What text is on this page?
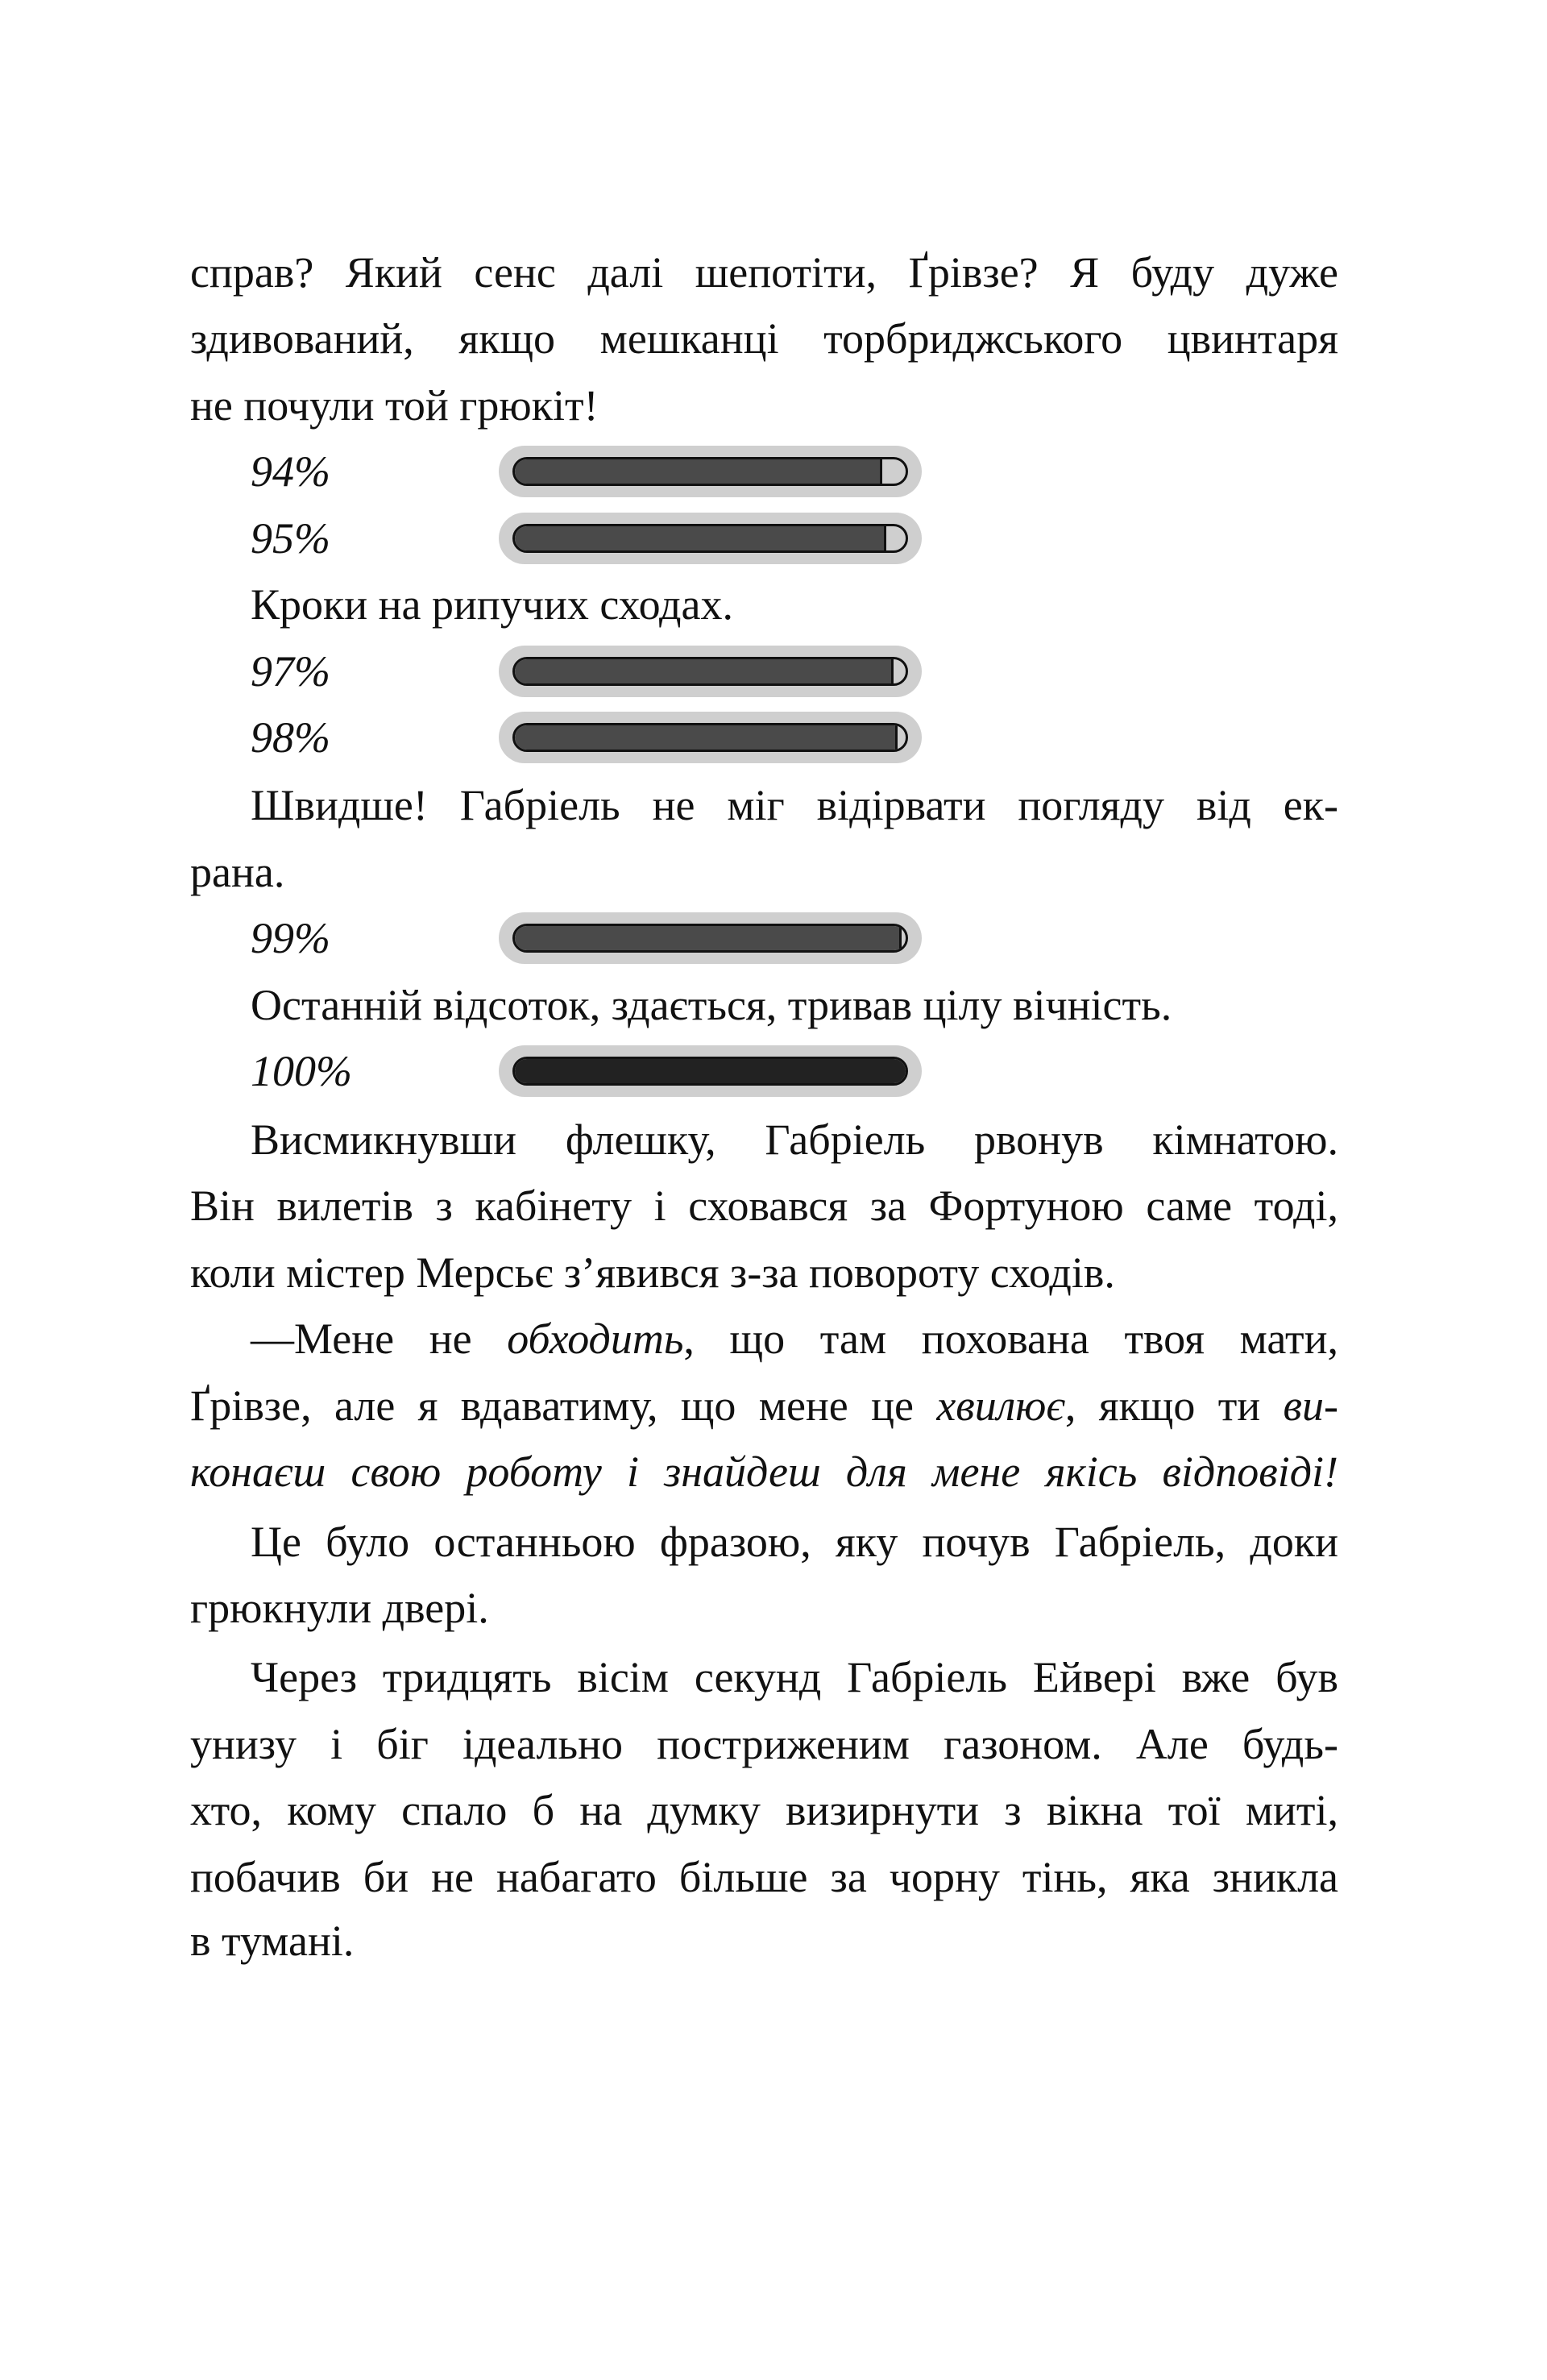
справ? Який сенс далі шепотіти, Ґрівзе? Я буду дуже
здивований, якщо мешканці торбриджського цвинтаря
не почули той грюкіт!
94%
95%
Кроки на рипучих сходах.
97%
98%
Швидше! Габріель не міг відірвати погляду від ек-
рана.
99%
Останній відсоток, здається, тривав цілу вічність.
100%
Висмикнувши флешку, Габріель рвонув кімнатою.
Він вилетів з кабінету і сховався за Фортуною саме тоді,
коли містер Мерсьє з’явився з-за повороту сходів.
—Мене не обходить, що там похована твоя мати,
Ґрівзе, але я вдаватиму, що мене це хвилює, якщо ти ви-
конаєш свою роботу і знайдеш для мене якісь відповіді!
Це було останньою фразою, яку почув Габріель, доки
грюкнули двері.
Через тридцять вісім секунд Габріель Ейвері вже був
унизу і біг ідеально постриженим газоном. Але будь-
хто, кому спало б на думку визирнути з вікна тої миті,
побачив би не набагато більше за чорну тінь, яка зникла
в тумані.
